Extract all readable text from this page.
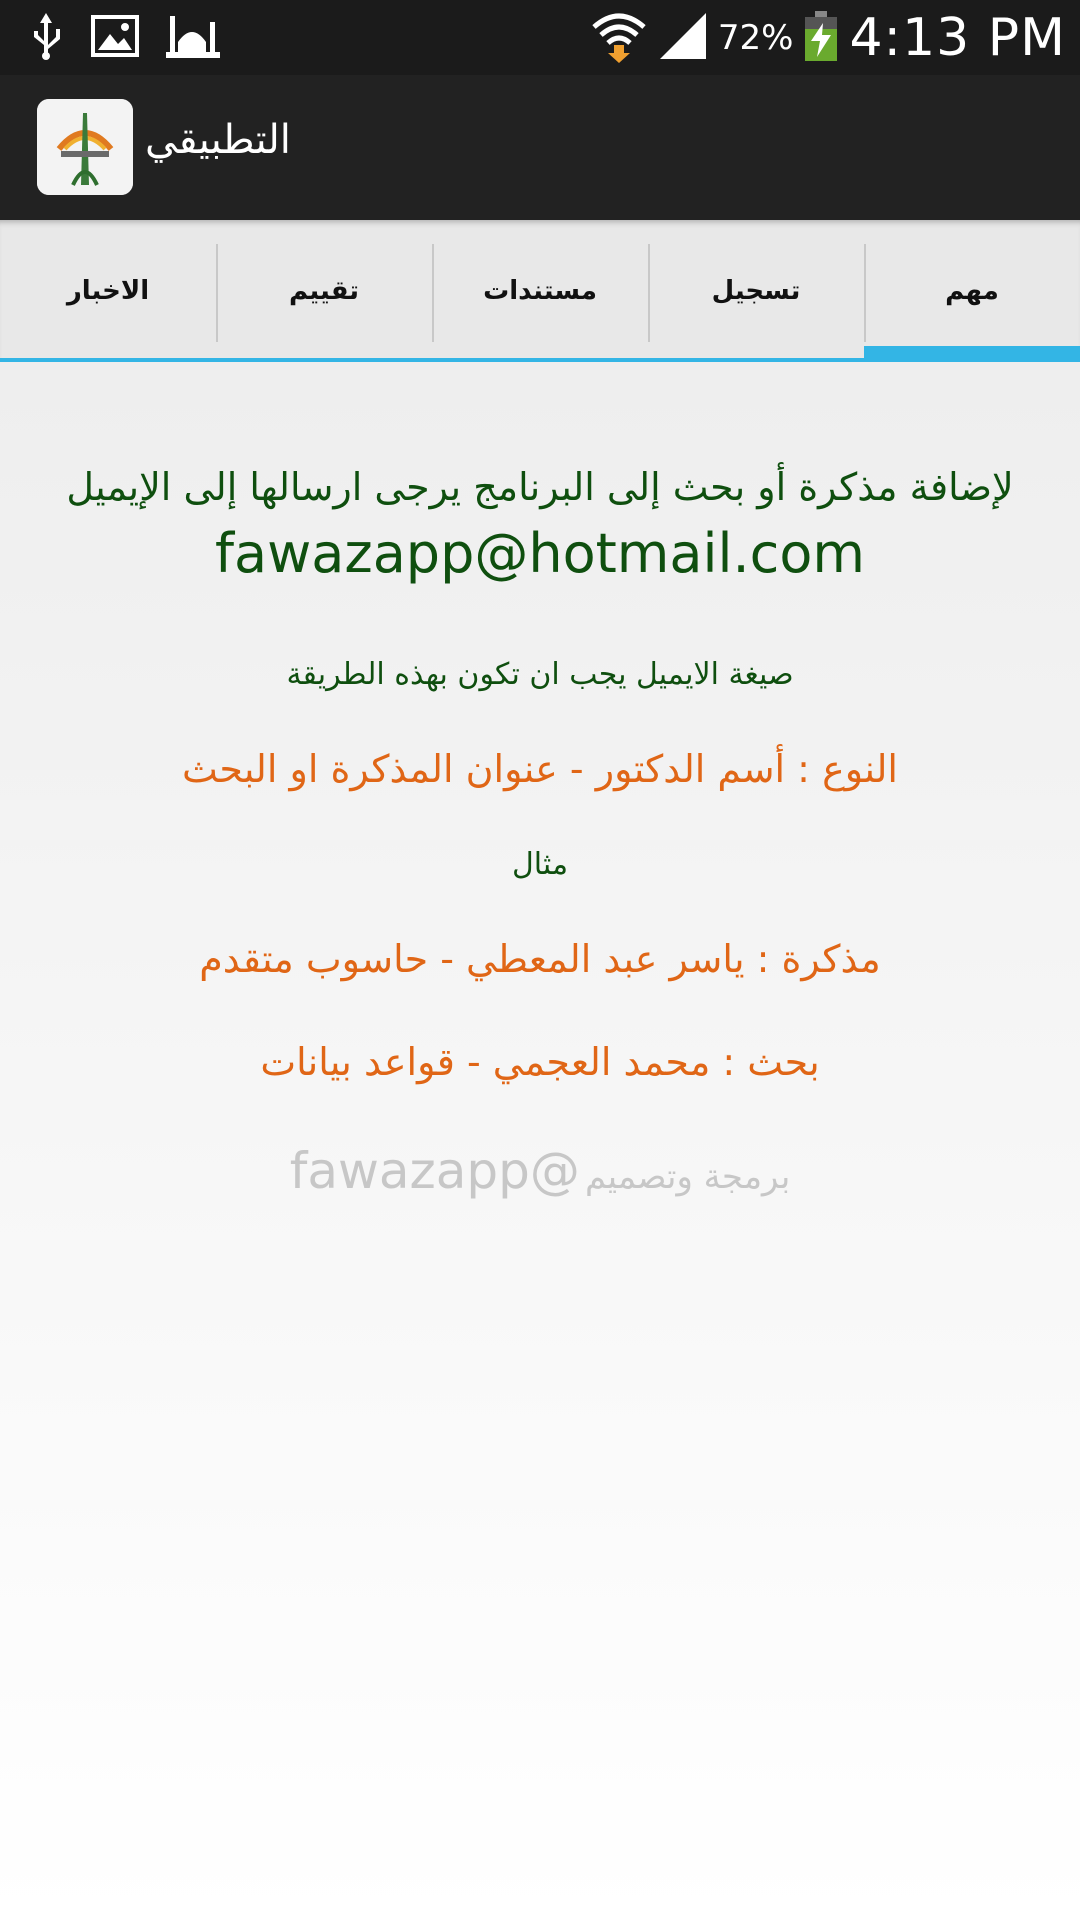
72% 4:13 PM
التطبيقي
الاخبار	تقييم	مستندات	تسجيل	مهم
لإضافة مذكرة أو بحث إلى البرنامج يرجى ارسالها إلى الإيميل
fawazapp@hotmail.com
صيغة الايميل يجب ان تكون بهذه الطريقة
النوع : أسم الدكتور - عنوان المذكرة او البحث
مثال
مذكرة : ياسر عبد المعطي - حاسوب متقدم
بحث : محمد العجمي - قواعد بيانات
برمجة وتصميم @fawazapp
